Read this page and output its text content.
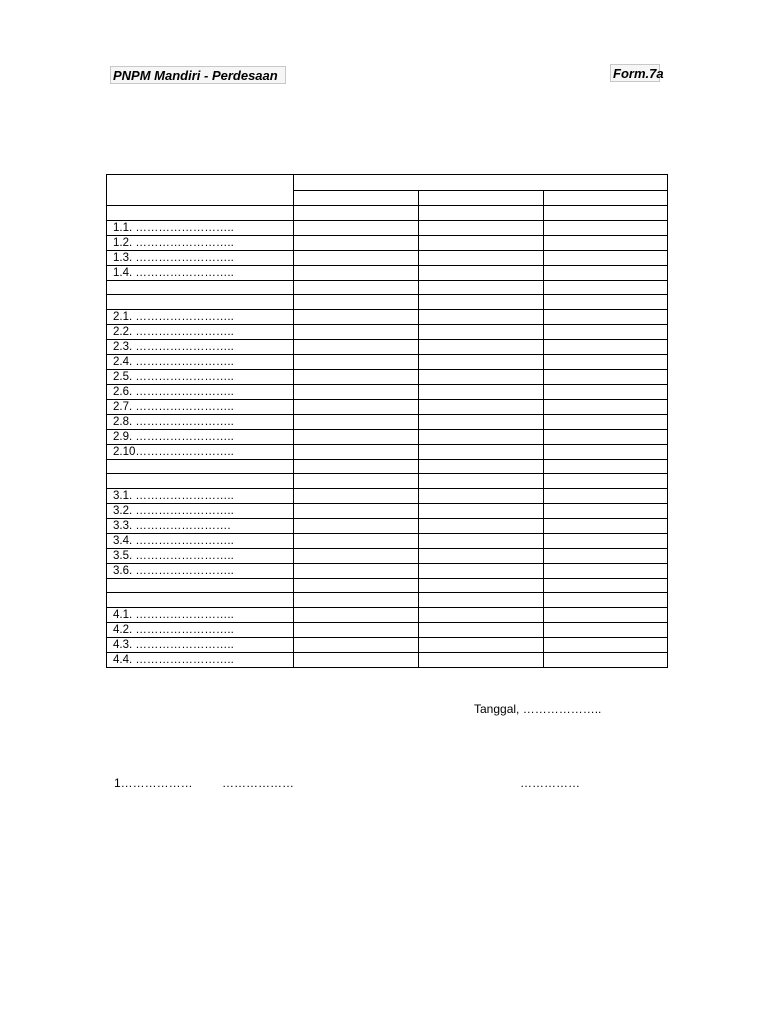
PNPM Mandiri - Perdesaan	Form.7a

1.1. ……………………..			
1.2. ……………………..			
1.3. ……………………..			
1.4. ……………………..			

2.1. ……………………..			
2.2. ……………………..			
2.3. ……………………..			
2.4. ……………………..			
2.5. ……………………..			
2.6. ……………………..			
2.7. ……………………..			
2.8. ……………………..			
2.9. ……………………..			
2.10……………………..			

3.1. ……………………..			
3.2. ……………………..			
3.3. …………………….			
3.4. ……………………..			
3.5. ……………………..			
3.6. ……………………..			

4.1. ……………………..			
4.2. ……………………..			
4.3. ……………………..			
4.4. ……………………..			
Tanggal, ………………..
1……………… ………………	……………
